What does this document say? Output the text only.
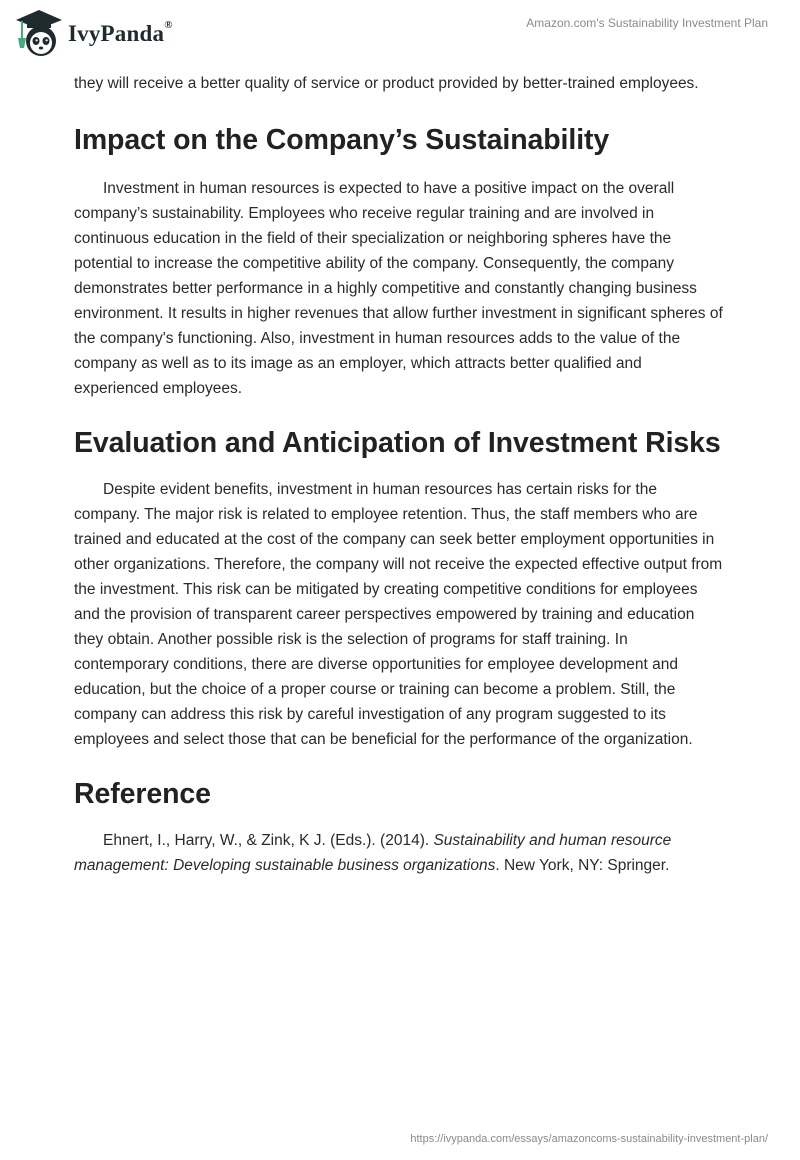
IvyPanda®	Amazon.com's Sustainability Investment Plan

they will receive a better quality of service or product provided by better-trained employees.

Impact on the Company’s Sustainability

Investment in human resources is expected to have a positive impact on the overall company’s sustainability. Employees who receive regular training and are involved in continuous education in the field of their specialization or neighboring spheres have the potential to increase the competitive ability of the company. Consequently, the company demonstrates better performance in a highly competitive and constantly changing business environment. It results in higher revenues that allow further investment in significant spheres of the company's functioning. Also, investment in human resources adds to the value of the company as well as to its image as an employer, which attracts better qualified and experienced employees.

Evaluation and Anticipation of Investment Risks

Despite evident benefits, investment in human resources has certain risks for the company. The major risk is related to employee retention. Thus, the staff members who are trained and educated at the cost of the company can seek better employment opportunities in other organizations. Therefore, the company will not receive the expected effective output from the investment. This risk can be mitigated by creating competitive conditions for employees and the provision of transparent career perspectives empowered by training and education they obtain. Another possible risk is the selection of programs for staff training. In contemporary conditions, there are diverse opportunities for employee development and education, but the choice of a proper course or training can become a problem. Still, the company can address this risk by careful investigation of any program suggested to its employees and select those that can be beneficial for the performance of the organization.

Reference

Ehnert, I., Harry, W., & Zink, K J. (Eds.). (2014). Sustainability and human resource management: Developing sustainable business organizations. New York, NY: Springer.

https://ivypanda.com/essays/amazoncoms-sustainability-investment-plan/
